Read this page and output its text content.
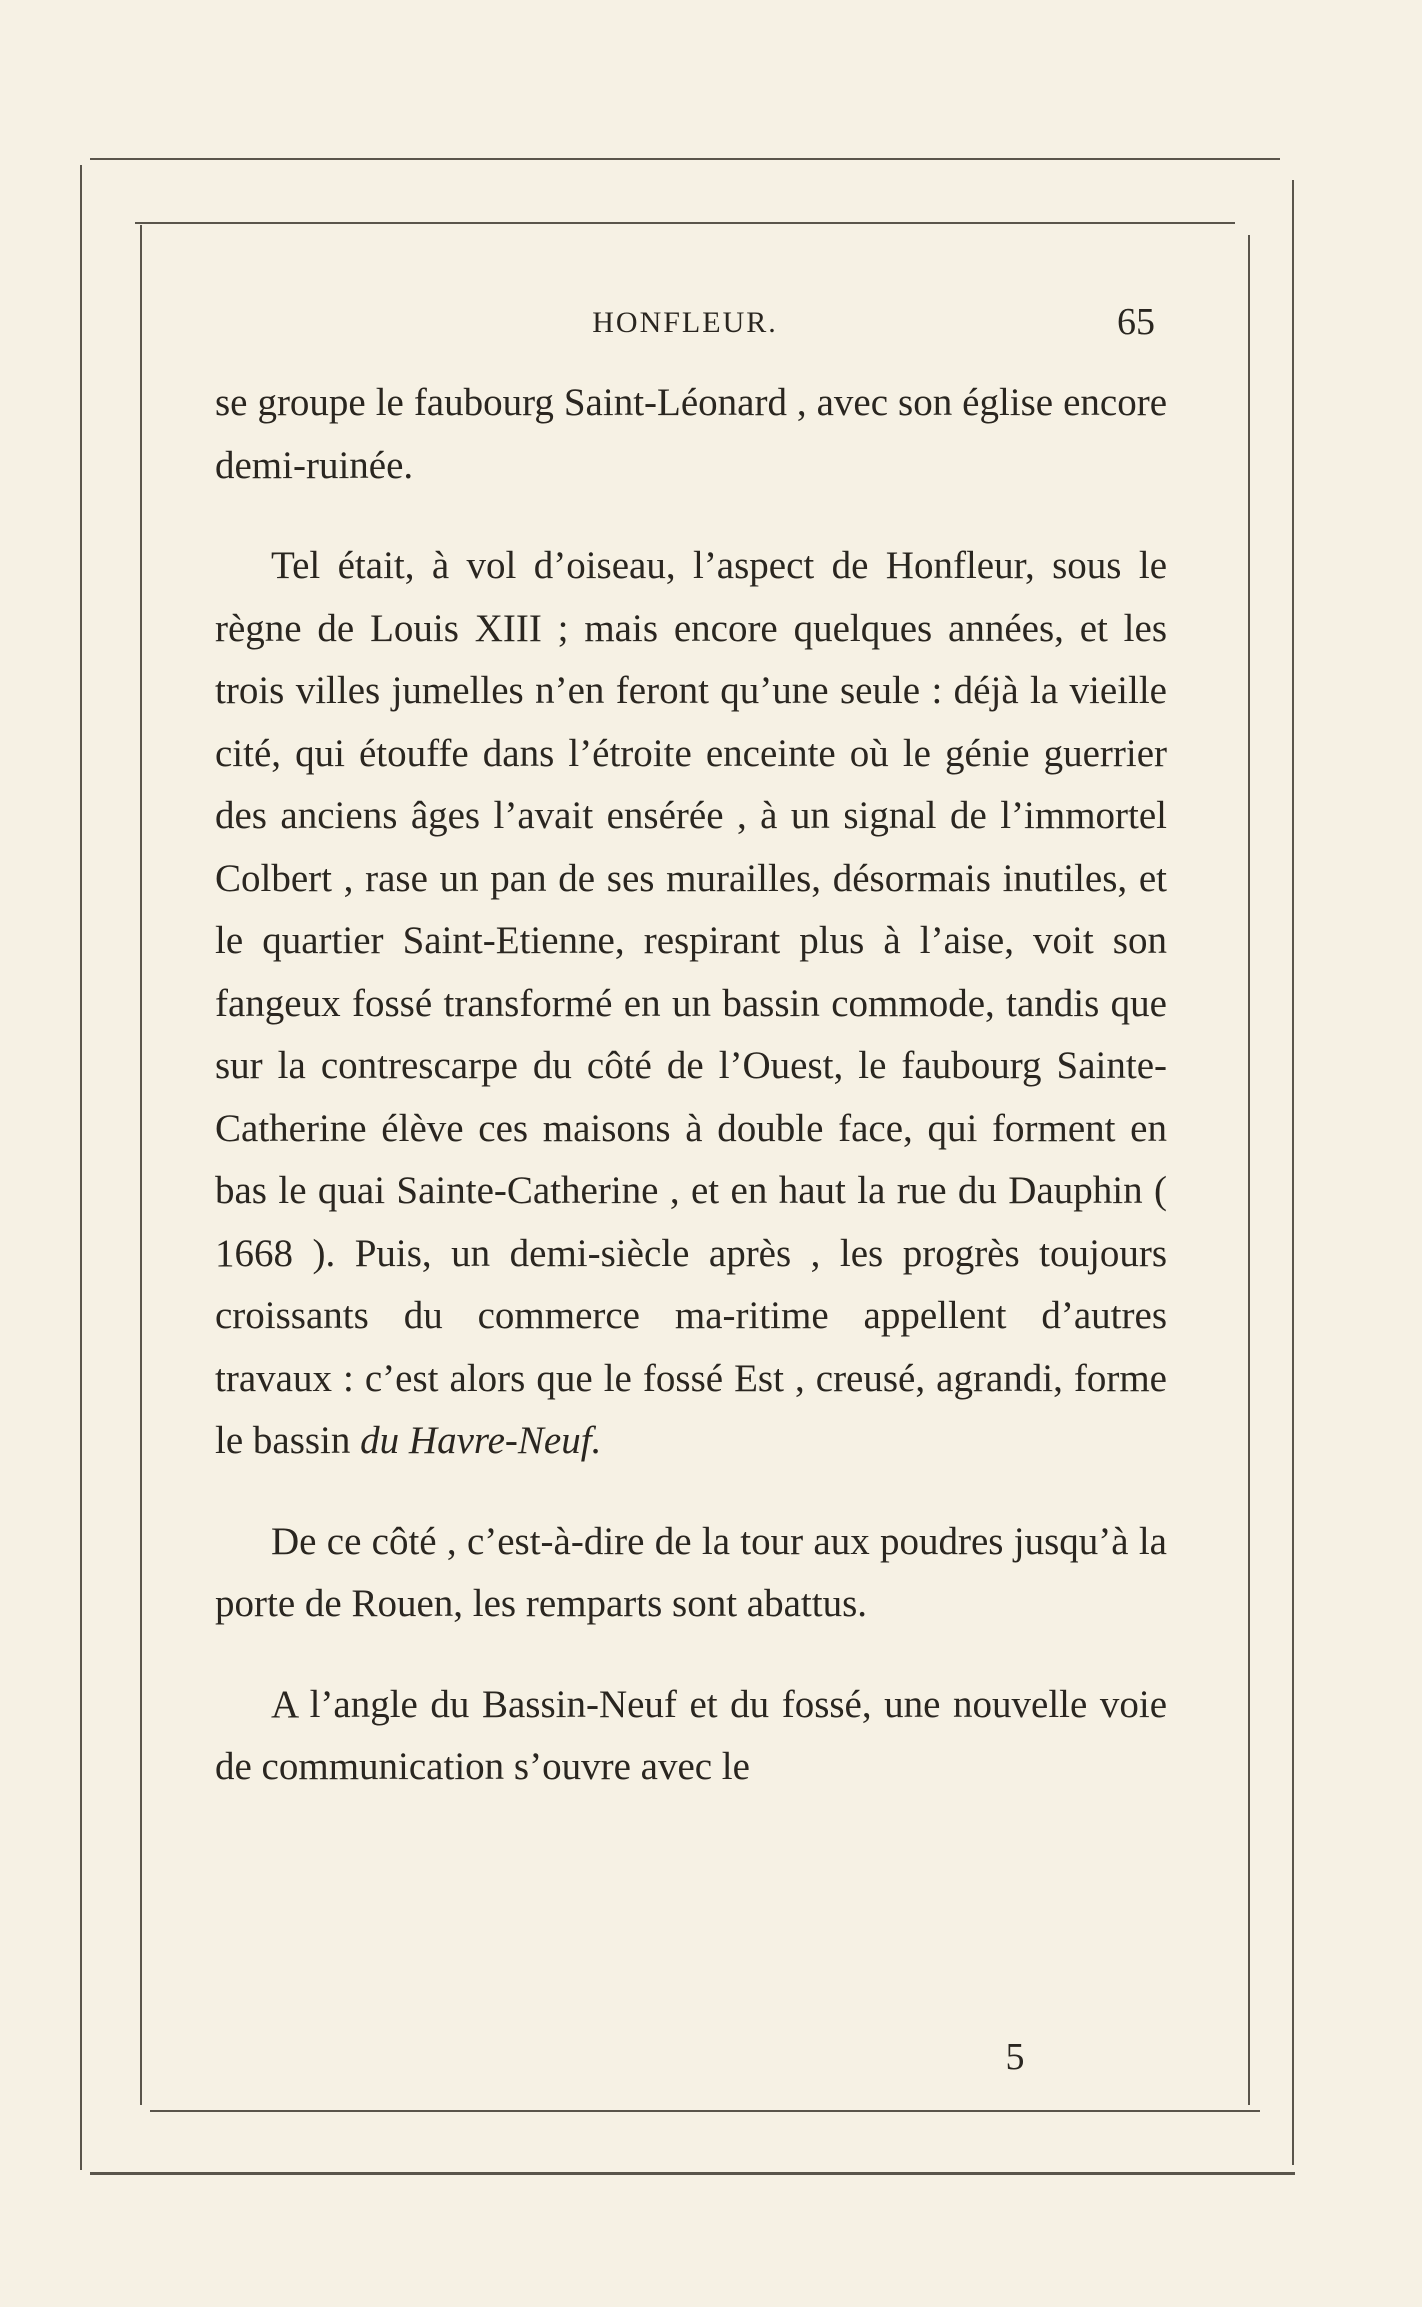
HONFLEUR.	65

se groupe le faubourg Saint-Léonard , avec son église encore demi-ruinée.

Tel était, à vol d’oiseau, l’aspect de Honfleur, sous le règne de Louis XIII ; mais encore quelques années, et les trois villes jumelles n’en feront qu’une seule : déjà la vieille cité, qui étouffe dans l’étroite enceinte où le génie guerrier des anciens âges l’avait ensérée , à un signal de l’immortel Colbert , rase un pan de ses murailles, désormais inutiles, et le quartier Saint-Etienne, respirant plus à l’aise, voit son fangeux fossé transformé en un bassin commode, tandis que sur la contrescarpe du côté de l’Ouest, le faubourg Sainte-Catherine élève ces maisons à double face, qui forment en bas le quai Sainte-Catherine , et en haut la rue du Dauphin ( 1668 ). Puis, un demi-siècle après , les progrès toujours croissants du commerce ma-ritime appellent d’autres travaux : c’est alors que le fossé Est , creusé, agrandi, forme le bassin du Havre-Neuf.

De ce côté , c’est-à-dire de la tour aux poudres jusqu’à la porte de Rouen, les remparts sont abattus.

A l’angle du Bassin-Neuf et du fossé, une nouvelle voie de communication s’ouvre avec le

5
